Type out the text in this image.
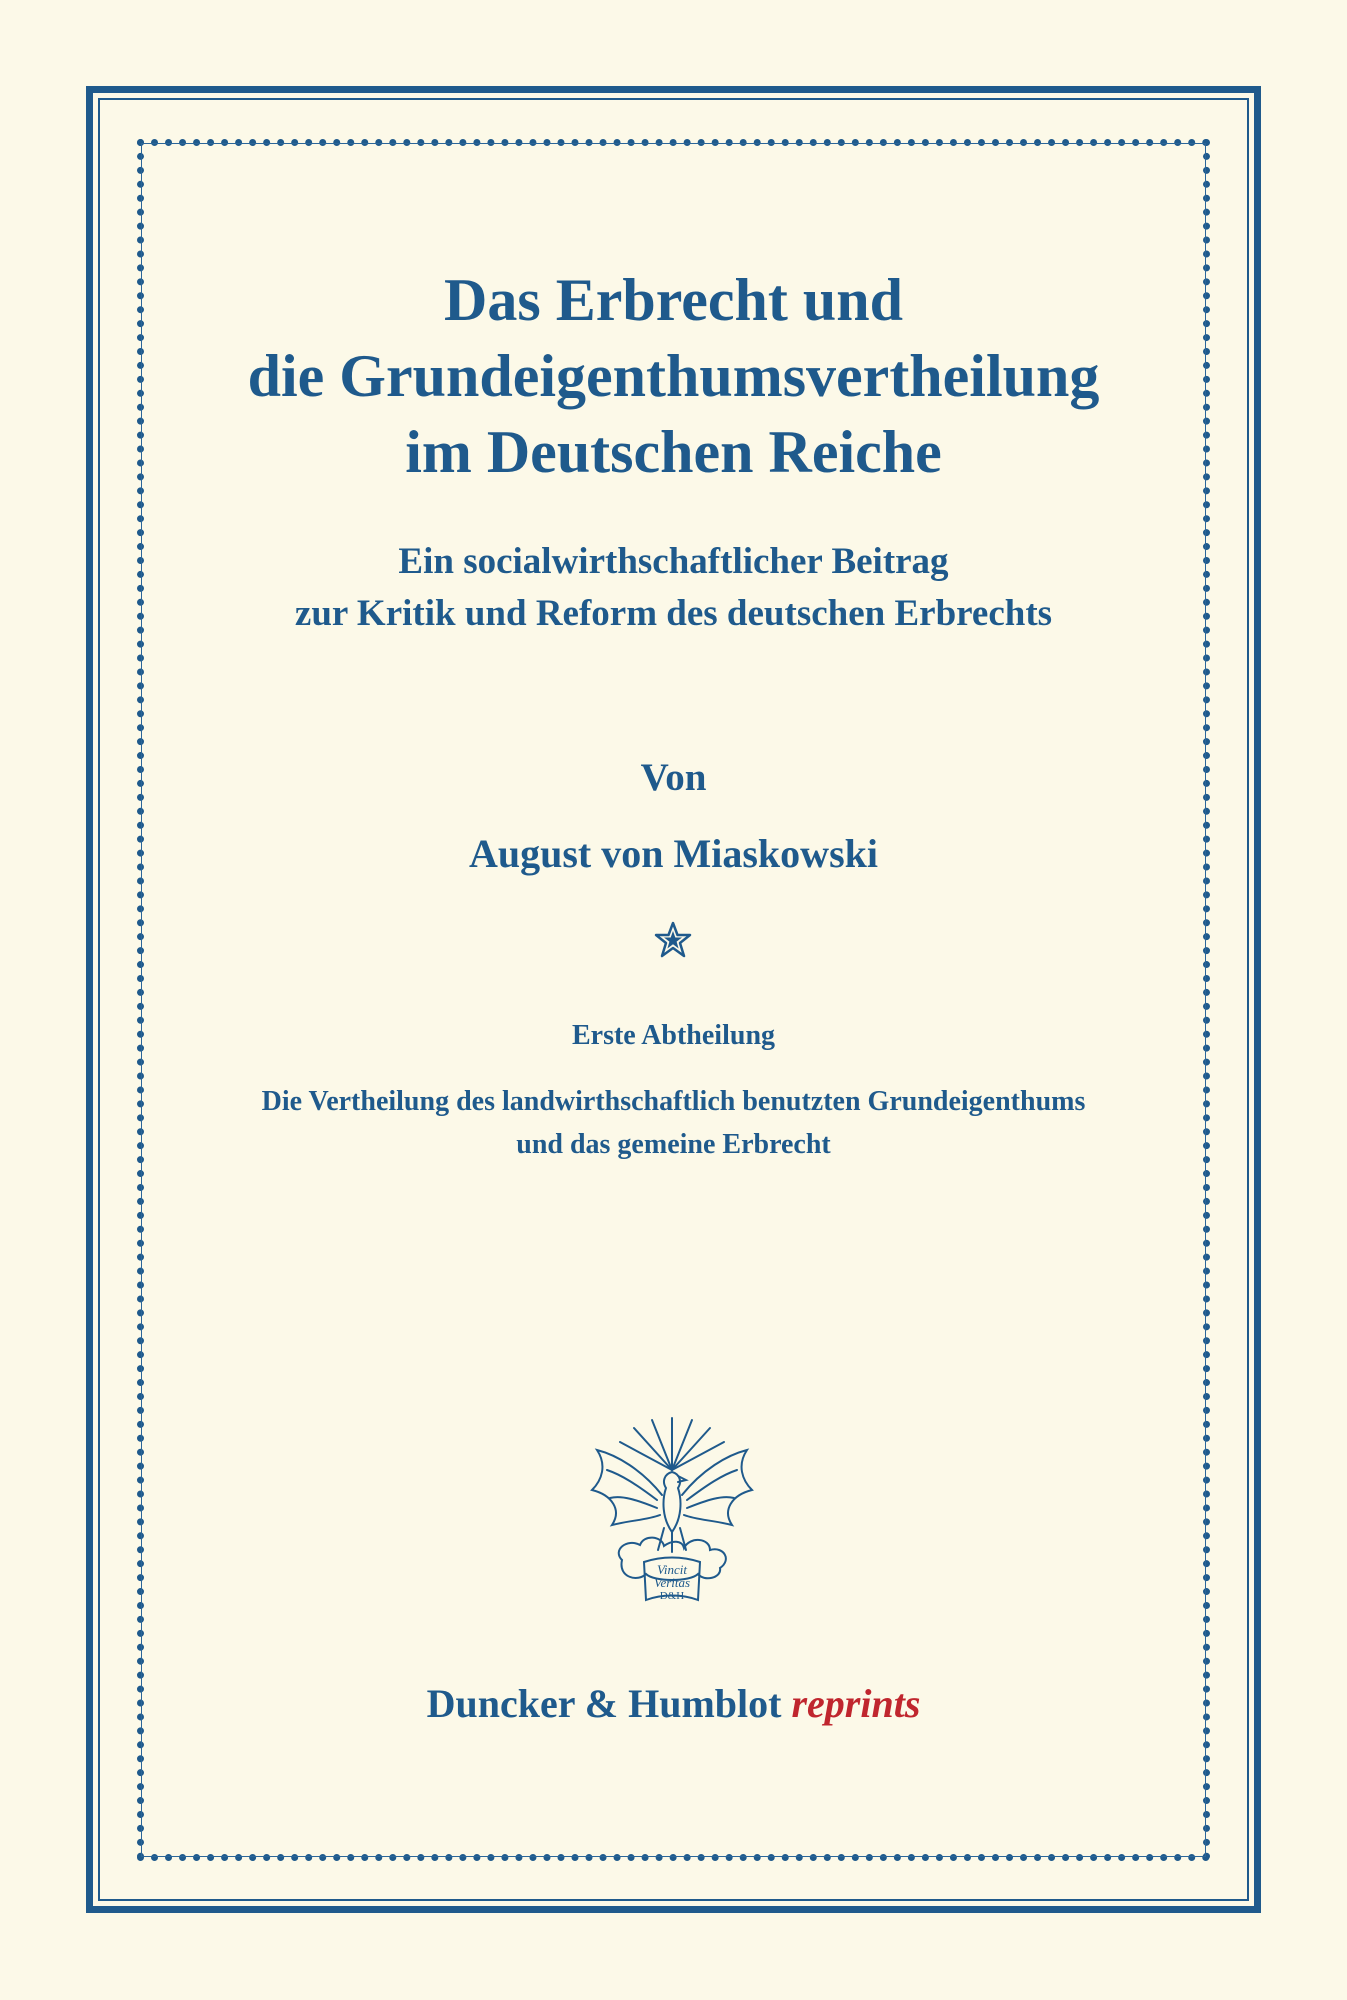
Das Erbrecht und
die Grundeigenthumsvertheilung
im Deutschen Reiche
Ein socialwirthschaftlicher Beitrag
zur Kritik und Reform des deutschen Erbrechts
Von
August von Miaskowski
Erste Abtheilung
Die Vertheilung des landwirthschaftlich benutzten Grundeigenthums
und das gemeine Erbrecht
Vincit
Veritas
D&H
Duncker & Humblot reprints
